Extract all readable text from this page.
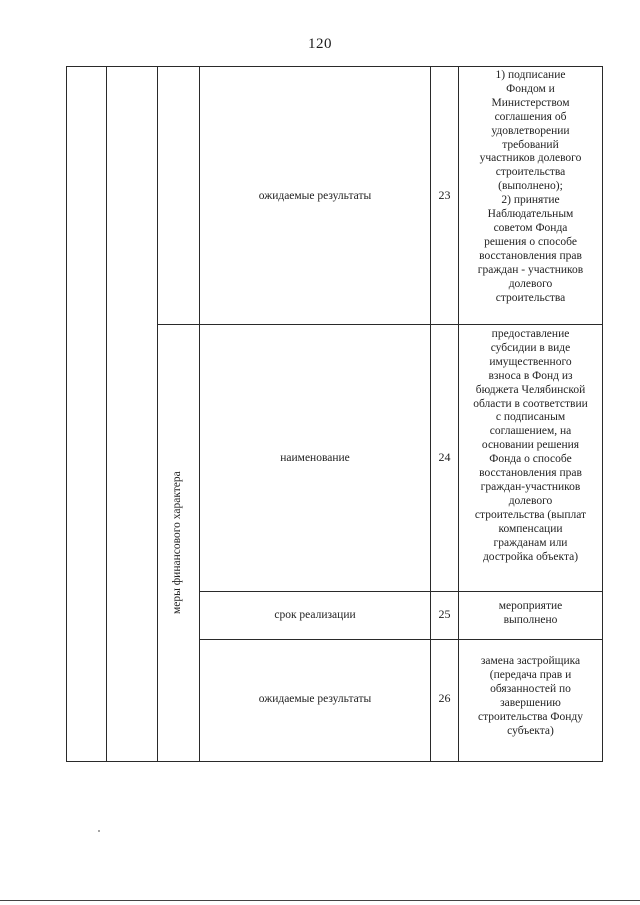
120
меры финансового характера
ожидаемые результаты	23
1) подписание
Фондом и
Министерством
соглашения об
удовлетворении
требований
участников долевого
строительства
(выполнено);
2) принятие
Наблюдательным
советом Фонда
решения о способе
восстановления прав
граждан - участников
долевого
строительства
наименование	24
предоставление
субсидии в виде
имущественного
взноса в Фонд из
бюджета Челябинской
области в соответствии
с подписаным
соглашением, на
основании решения
Фонда о способе
восстановления прав
граждан-участников
долевого
строительства (выплат
компенсации
гражданам или
достройка объекта)
срок реализации	25
мероприятие
выполнено
ожидаемые результаты	26
замена застройщика
(передача прав и
обязанностей по
завершению
строительства Фонду
субъекта)
